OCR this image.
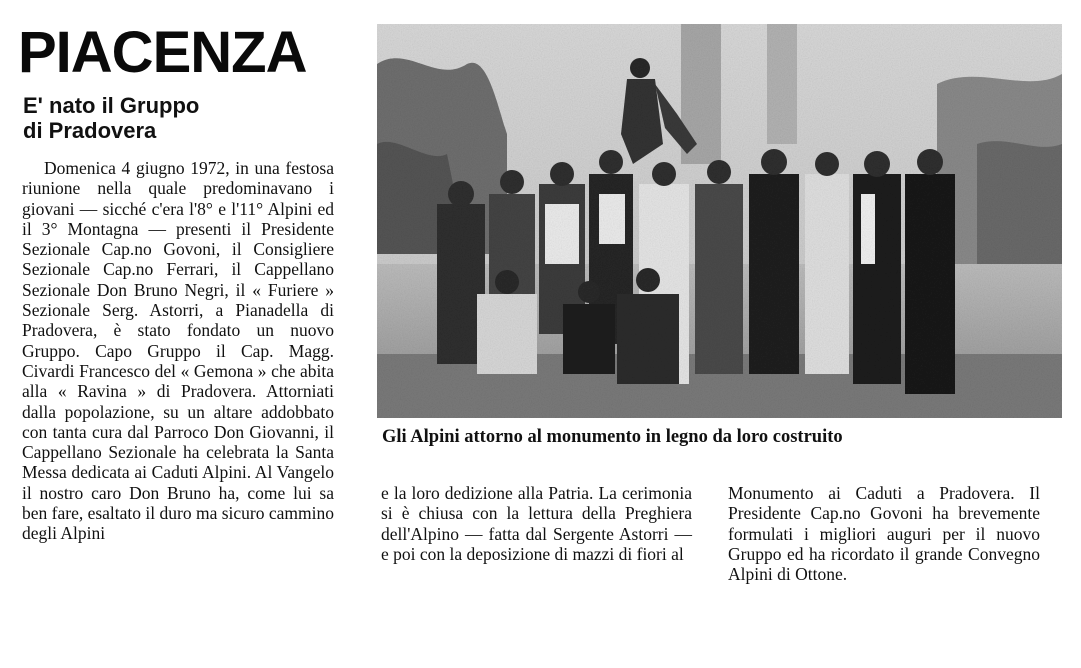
PIACENZA
E' nato il Gruppo
di Pradovera

Domenica 4 giugno 1972, in una festosa riunione nella quale predominavano i giovani — sicché c'era l'8° e l'11° Alpini ed il 3° Montagna — presenti il Presidente Sezionale Cap.no Govoni, il Consigliere Sezionale Cap.no Ferrari, il Cappellano Sezionale Don Bruno Negri, il « Furiere » Sezionale Serg. Astorri, a Pianadella di Pradovera, è stato fondato un nuovo Gruppo. Capo Gruppo il Cap. Magg. Civardi Francesco del « Gemona » che abita alla « Ravina » di Pradovera. Attorniati dalla popolazione, su un altare addobbato con tanta cura dal Parroco Don Giovanni, il Cappellano Sezionale ha celebrata la Santa Messa dedicata ai Caduti Alpini. Al Vangelo il nostro caro Don Bruno ha, come lui sa ben fare, esaltato il duro ma sicuro cammino degli Alpini

Gli Alpini attorno al monumento in legno da loro costruito

e la loro dedizione alla Patria. La cerimonia si è chiusa con la lettura della Preghiera dell'Alpino — fatta dal Sergente Astorri — e poi con la deposizione di mazzi di fiori al

Monumento ai Caduti a Pradovera. Il Presidente Cap.no Govoni ha brevemente formulati i migliori auguri per il nuovo Gruppo ed ha ricordato il grande Convegno Alpini di Ottone.
